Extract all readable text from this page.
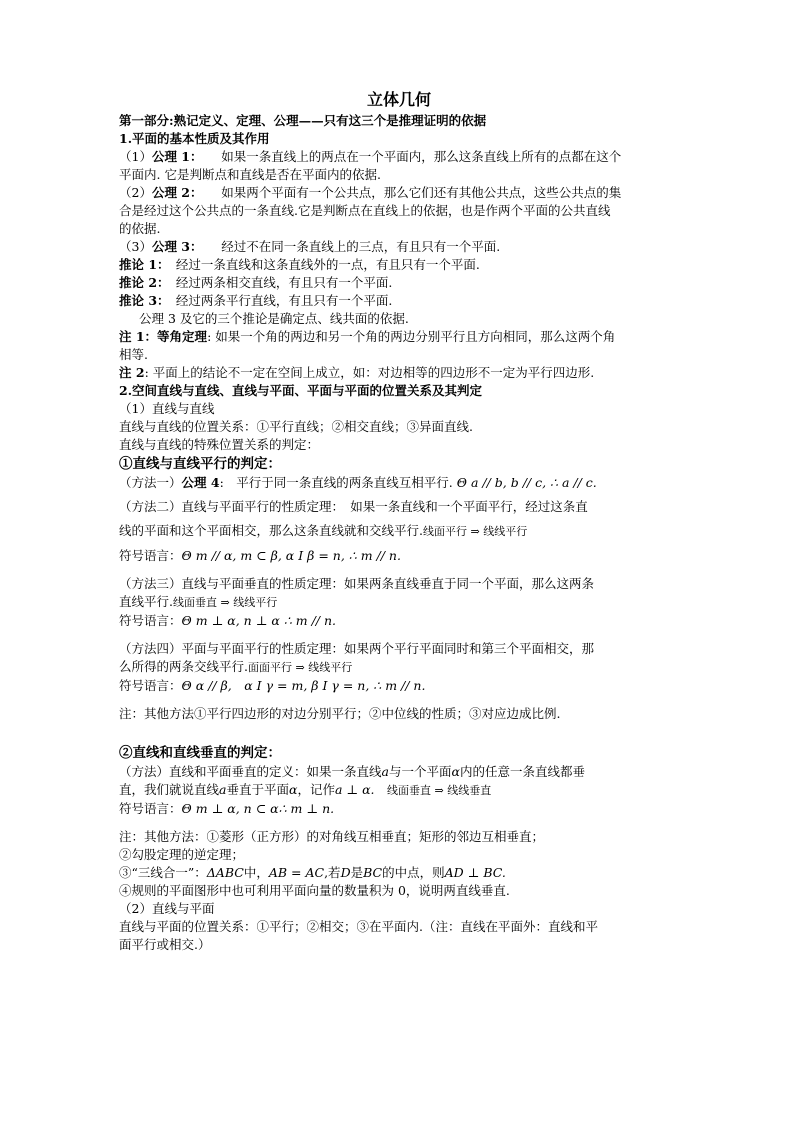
立体几何
第一部分:熟记定义、定理、公理——只有这三个是推理证明的依据
1.平面的基本性质及其作用
（1）公理 1：　　 如果一条直线上的两点在一个平面内，那么这条直线上所有的点都在这个
平面内. 它是判断点和直线是否在平面内的依据.
（2）公理 2：　　 如果两个平面有一个公共点，那么它们还有其他公共点，这些公共点的集
合是经过这个公共点的一条直线.它是判断点在直线上的依据，也是作两个平面的公共直线
的依据.
（3）公理 3：　　 经过不在同一条直线上的三点，有且只有一个平面.
推论 1：　 经过一条直线和这条直线外的一点，有且只有一个平面.
推论 2：　 经过两条相交直线，有且只有一个平面.
推论 3：　 经过两条平行直线，有且只有一个平面.
公理 3 及它的三个推论是确定点、线共面的依据.
注 1：等角定理: 如果一个角的两边和另一个角的两边分别平行且方向相同，那么这两个角
相等.
注 2: 平面上的结论不一定在空间上成立，如：对边相等的四边形不一定为平行四边形.
2.空间直线与直线、直线与平面、平面与平面的位置关系及其判定
（1）直线与直线
直线与直线的位置关系：①平行直线；②相交直线；③异面直线.
直线与直线的特殊位置关系的判定：
①直线与直线平行的判定：
（方法一）公理 4:　平行于同一条直线的两条直线互相平行. Θ a // b, b // c, ∴ a // c.
（方法二）直线与平面平行的性质定理：　如果一条直线和一个平面平行，经过这条直
线的平面和这个平面相交，那么这条直线就和交线平行.线面平行 ⇒ 线线平行
符号语言：Θ m // α, m ⊂ β, α I β = n, ∴ m // n.
（方法三）直线与平面垂直的性质定理：如果两条直线垂直于同一个平面，那么这两条
直线平行.线面垂直 ⇒ 线线平行
符号语言：Θ m ⊥ α, n ⊥ α ∴ m // n.
（方法四）平面与平面平行的性质定理：如果两个平行平面同时和第三个平面相交，那
么所得的两条交线平行.面面平行 ⇒ 线线平行
符号语言：Θ α // β,　α I γ = m, β I γ = n, ∴ m // n.
注：其他方法①平行四边形的对边分别平行；②中位线的性质；③对应边成比例.
②直线和直线垂直的判定：
（方法）直线和平面垂直的定义：如果一条直线a与一个平面α内的任意一条直线都垂
直，我们就说直线a垂直于平面α，记作a ⊥ α.　 线面垂直 ⇒ 线线垂直
符号语言：Θ m ⊥ α, n ⊂ α∴ m ⊥ n.
注：其他方法：①菱形（正方形）的对角线互相垂直；矩形的邻边互相垂直；
②勾股定理的逆定理；
③“三线合一”：ΔABC中，AB = AC,若D是BC的中点，则AD ⊥ BC.
④规则的平面图形中也可利用平面向量的数量积为 0，说明两直线垂直.
（2）直线与平面
直线与平面的位置关系：①平行；②相交；③在平面内.（注：直线在平面外：直线和平
面平行或相交.）
